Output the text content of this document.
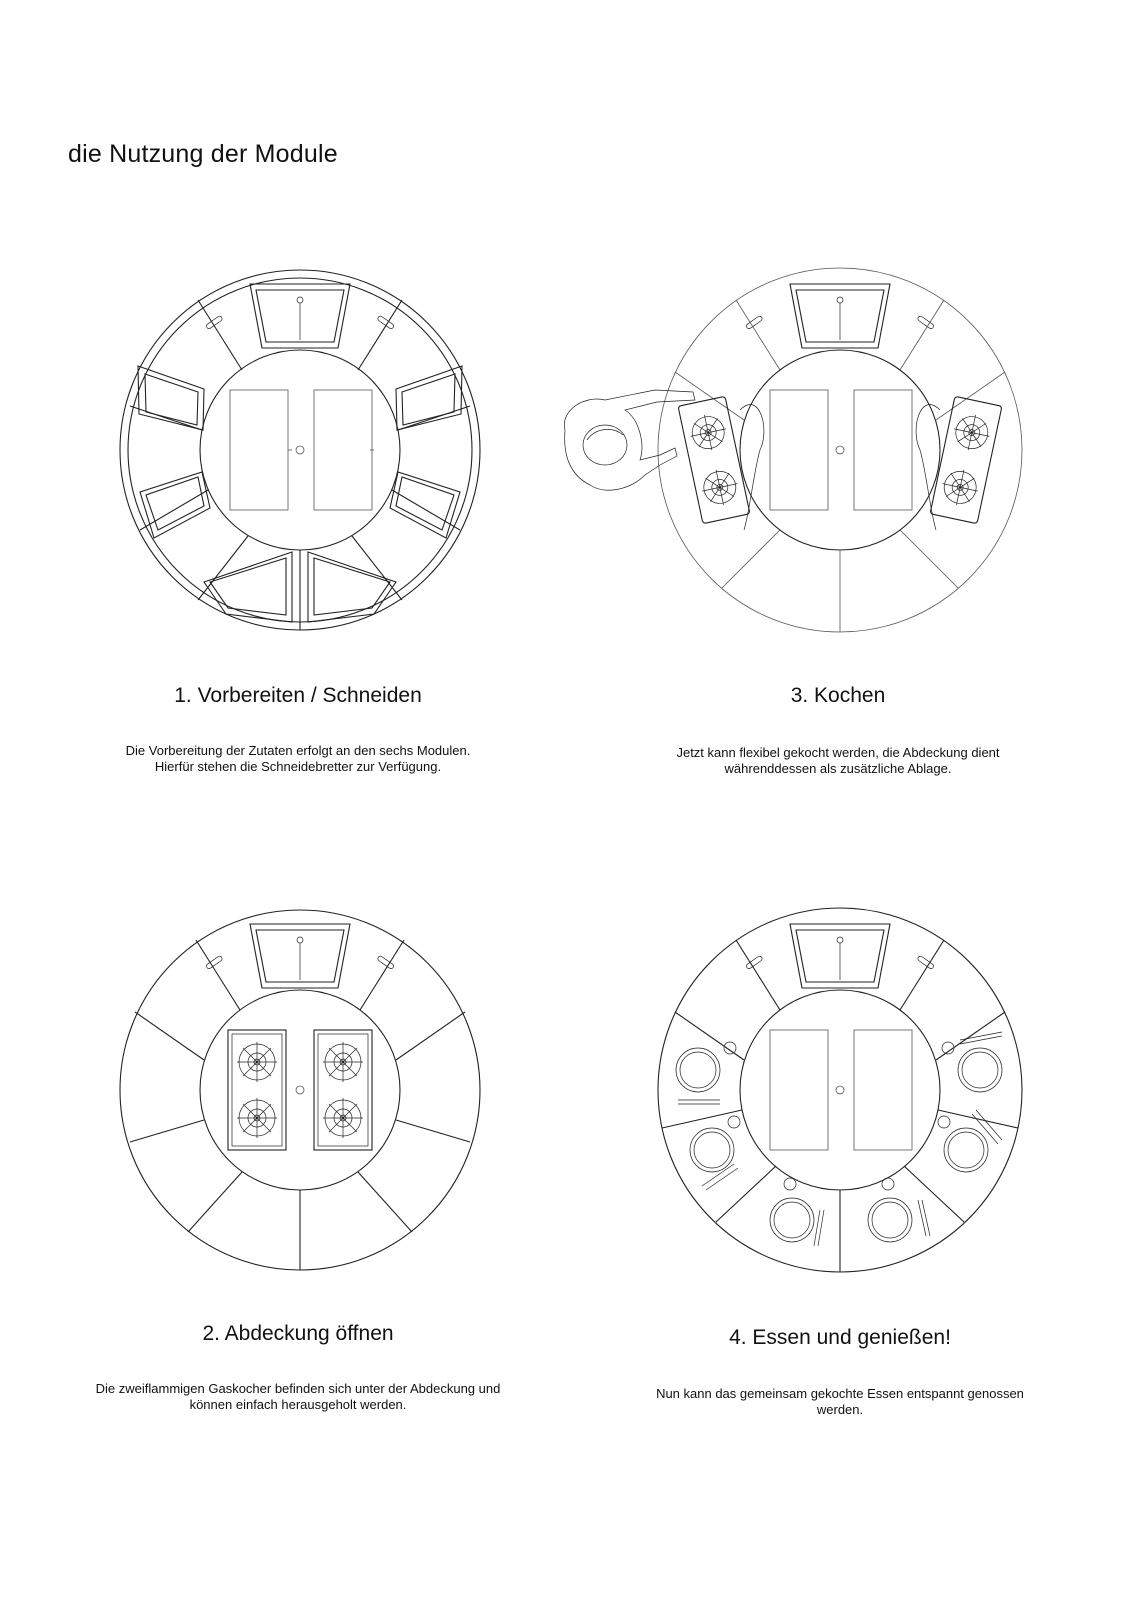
die Nutzung der Module
1. Vorbereiten / Schneiden

Die Vorbereitung der Zutaten erfolgt an den sechs Modulen.

Hierfür stehen die Schneidebretter zur Verfügung.

3. Kochen

Jetzt kann flexibel gekocht werden, die Abdeckung dient

währenddessen als zusätzliche Ablage.

2. Abdeckung öffnen

Die zweiflammigen Gaskocher befinden sich unter der Abdeckung und

können einfach herausgeholt werden.

4. Essen und genießen!

Nun kann das gemeinsam gekochte Essen entspannt genossen

werden.
